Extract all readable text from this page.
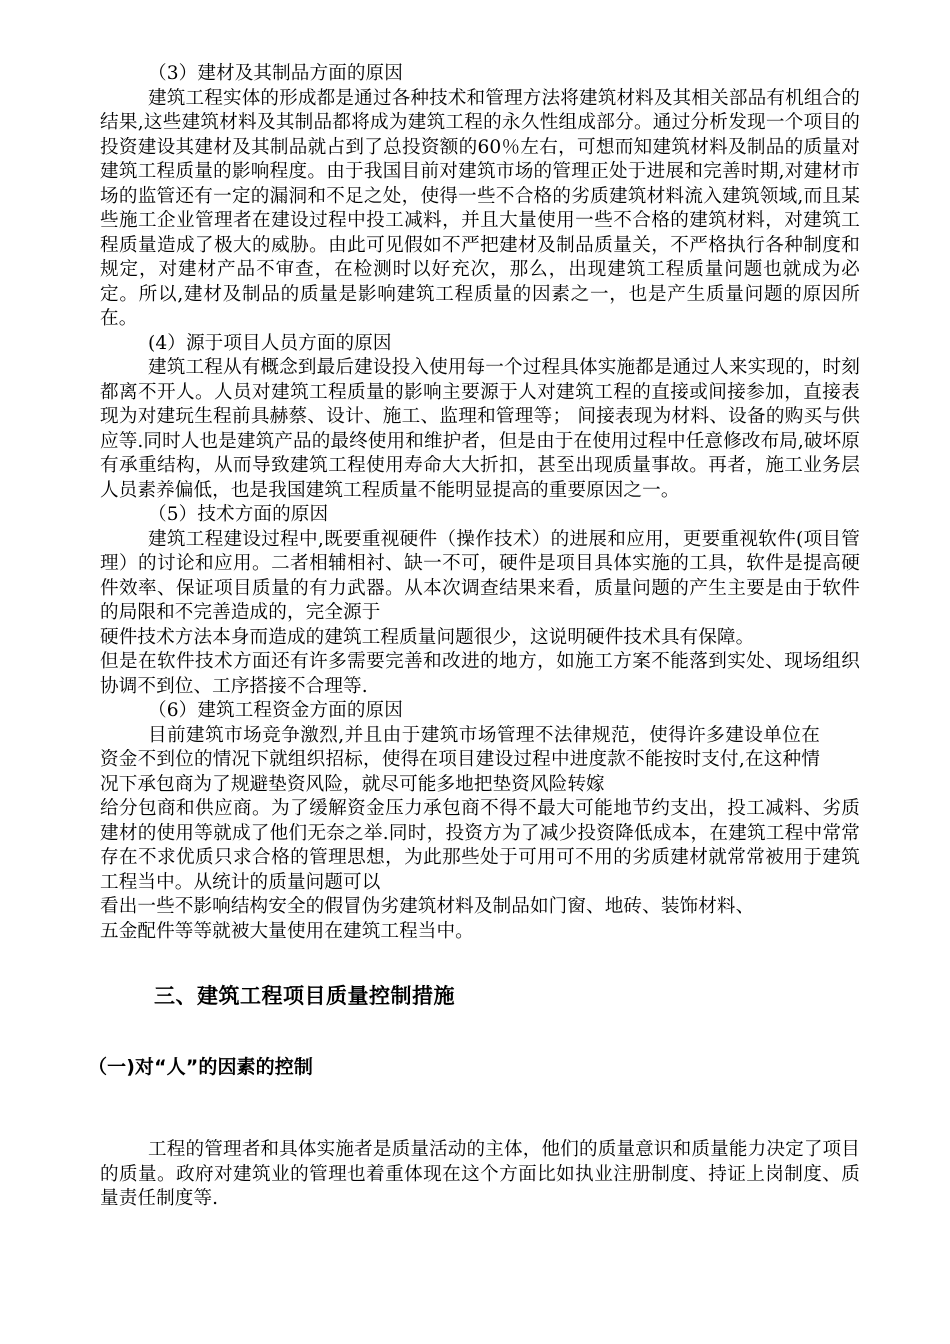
（3）建材及其制品方面的原因
建筑工程实体的形成都是通过各种技术和管理方法将建筑材料及其相关部品有机组合的结果,这些建筑材料及其制品都将成为建筑工程的永久性组成部分。通过分析发现一个项目的投资建设其建材及其制品就占到了总投资额的60％左右，可想而知建筑材料及制品的质量对建筑工程质量的影响程度。由于我国目前对建筑市场的管理正处于进展和完善时期,对建材市场的监管还有一定的漏洞和不足之处，使得一些不合格的劣质建筑材料流入建筑领域,而且某些施工企业管理者在建设过程中投工减料，并且大量使用一些不合格的建筑材料，对建筑工程质量造成了极大的威胁。由此可见假如不严把建材及制品质量关，不严格执行各种制度和规定，对建材产品不审查，在检测时以好充次，那么，出现建筑工程质量问题也就成为必定。所以,建材及制品的质量是影响建筑工程质量的因素之一，也是产生质量问题的原因所在。
(4）源于项目人员方面的原因
建筑工程从有概念到最后建设投入使用每一个过程具体实施都是通过人来实现的，时刻都离不开人。人员对建筑工程质量的影响主要源于人对建筑工程的直接或间接参加，直接表现为对建玩生程前具赫蔡、设计、施工、监理和管理等； 间接表现为材料、设备的购买与供应等.同时人也是建筑产品的最终使用和维护者，但是由于在使用过程中任意修改布局,破坏原有承重结构，从而导致建筑工程使用寿命大大折扣，甚至出现质量事故。再者，施工业务层人员素养偏低，也是我国建筑工程质量不能明显提高的重要原因之一。
（5）技术方面的原因
建筑工程建设过程中,既要重视硬件（操作技术）的进展和应用，更要重视软件(项目管理）的讨论和应用。二者相辅相衬、缺一不可，硬件是项目具体实施的工具，软件是提高硬件效率、保证项目质量的有力武器。从本次调查结果来看，质量问题的产生主要是由于软件的局限和不完善造成的，完全源于
硬件技术方法本身而造成的建筑工程质量问题很少，这说明硬件技术具有保障。
但是在软件技术方面还有许多需要完善和改进的地方，如施工方案不能落到实处、现场组织协调不到位、工序搭接不合理等.
（6）建筑工程资金方面的原因
目前建筑市场竞争激烈,并且由于建筑市场管理不法律规范，使得许多建设单位在资金不到位的情况下就组织招标，使得在项目建设过程中进度款不能按时支付,在这种情况下承包商为了规避垫资风险，就尽可能多地把垫资风险转嫁
给分包商和供应商。为了缓解资金压力承包商不得不最大可能地节约支出，投工减料、劣质建材的使用等就成了他们无奈之举.同时，投资方为了减少投资降低成本，在建筑工程中常常存在不求优质只求合格的管理思想，为此那些处于可用可不用的劣质建材就常常被用于建筑工程当中。从统计的质量问题可以
看出一些不影响结构安全的假冒伪劣建筑材料及制品如门窗、地砖、装饰材料、
五金配件等等就被大量使用在建筑工程当中。
三、建筑工程项目质量控制措施
（一)对“人”的因素的控制
工程的管理者和具体实施者是质量活动的主体，他们的质量意识和质量能力决定了项目的质量。政府对建筑业的管理也着重体现在这个方面比如执业注册制度、持证上岗制度、质量责任制度等.
